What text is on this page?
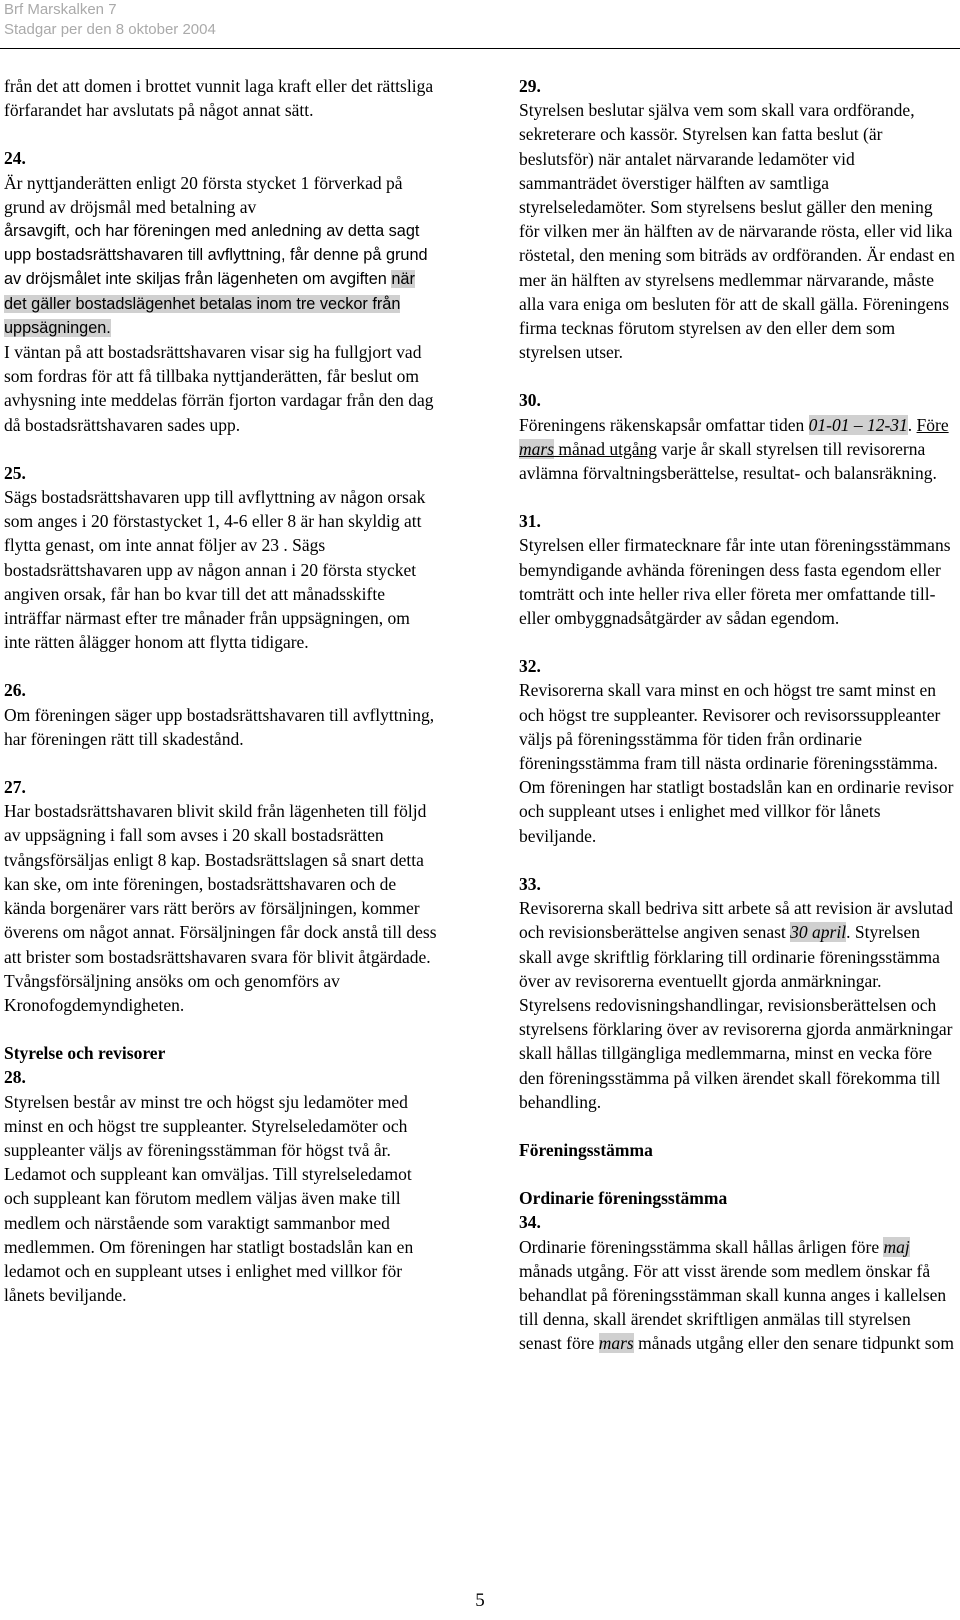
Brf Marskalken 7
Stadgar per den 8 oktober 2004

från det att domen i brottet vunnit laga kraft eller det rättsliga förfarandet har avslutats på något annat sätt.

24.

Är nyttjanderätten enligt 20 första stycket 1 förverkad på grund av dröjsmål med betalning av

årsavgift, och har föreningen med anledning av detta sagt upp bostadsrättshavaren till avflyttning, får denne på grund av dröjsmålet inte skiljas från lägenheten om avgiften när det gäller bostadslägenhet betalas inom tre veckor från uppsägningen.

I väntan på att bostadsrättshavaren visar sig ha fullgjort vad som fordras för att få tillbaka nyttjanderätten, får beslut om avhysning inte meddelas förrän fjorton vardagar från den dag då bostadsrättshavaren sades upp.

25.

Sägs bostadsrättshavaren upp till avflyttning av någon orsak som anges i 20 förstastycket 1, 4-6 eller 8 är han skyldig att flytta genast, om inte annat följer av 23 . Sägs bostadsrättshavaren upp av någon annan i 20 första stycket angiven orsak, får han bo kvar till det att månadsskifte inträffar närmast efter tre månader från uppsägningen, om inte rätten ålägger honom att flytta tidigare.

26.

Om föreningen säger upp bostadsrättshavaren till avflyttning, har föreningen rätt till skadestånd.

27.

Har bostadsrättshavaren blivit skild från lägenheten till följd av uppsägning i fall som avses i 20 skall bostadsrätten tvångsförsäljas enligt 8 kap. Bostadsrättslagen så snart detta kan ske, om inte föreningen, bostadsrättshavaren och de kända borgenärer vars rätt berörs av försäljningen, kommer överens om något annat. Försäljningen får dock anstå till dess att brister som bostadsrättshavaren svara för blivit åtgärdade. Tvångsförsäljning ansöks om och genomförs av Kronofogdemyndigheten.

Styrelse och revisorer

28.

Styrelsen består av minst tre och högst sju ledamöter med minst en och högst tre suppleanter. Styrelseledamöter och suppleanter väljs av föreningsstämman för högst två år. Ledamot och suppleant kan omväljas. Till styrelseledamot och suppleant kan förutom medlem väljas även make till medlem och närstående som varaktigt sammanbor med medlemmen. Om föreningen har statligt bostadslån kan en ledamot och en suppleant utses i enlighet med villkor för lånets beviljande.

29.

Styrelsen beslutar själva vem som skall vara ordförande, sekreterare och kassör. Styrelsen kan fatta beslut (är beslutsför) när antalet närvarande ledamöter vid sammanträdet överstiger hälften av samtliga styrelseledamöter. Som styrelsens beslut gäller den mening för vilken mer än hälften av de närvarande rösta, eller vid lika röstetal, den mening som biträds av ordföranden. Är endast en mer än hälften av styrelsens medlemmar närvarande, måste alla vara eniga om besluten för att de skall gälla. Föreningens firma tecknas förutom styrelsen av den eller dem som styrelsen utser.

30.

Föreningens räkenskapsår omfattar tiden 01-01 – 12-31. Före mars månad utgång varje år skall styrelsen till revisorerna avlämna förvaltningsberättelse, resultat- och balansräkning.

31.

Styrelsen eller firmatecknare får inte utan föreningsstämmans bemyndigande avhända föreningen dess fasta egendom eller tomträtt och inte heller riva eller företa mer omfattande till- eller ombyggnadsåtgärder av sådan egendom.

32.

Revisorerna skall vara minst en och högst tre samt minst en och högst tre suppleanter. Revisorer och revisorssuppleanter väljs på föreningsstämma för tiden från ordinarie föreningsstämma fram till nästa ordinarie föreningsstämma. Om föreningen har statligt bostadslån kan en ordinarie revisor och suppleant utses i enlighet med villkor för lånets beviljande.

33.

Revisorerna skall bedriva sitt arbete så att revision är avslutad och revisionsberättelse angiven senast 30 april. Styrelsen skall avge skriftlig förklaring till ordinarie föreningsstämma över av revisorerna eventuellt gjorda anmärkningar. Styrelsens redovisningshandlingar, revisionsberättelsen och styrelsens förklaring över av revisorerna gjorda anmärkningar skall hållas tillgängliga medlemmarna, minst en vecka före den föreningsstämma på vilken ärendet skall förekomma till behandling.

Föreningsstämma

Ordinarie föreningsstämma

34.

Ordinarie föreningsstämma skall hållas årligen före maj månads utgång. För att visst ärende som medlem önskar få behandlat på föreningsstämman skall kunna anges i kallelsen till denna, skall ärendet skriftligen anmälas till styrelsen senast före mars månads utgång eller den senare tidpunkt som

5
